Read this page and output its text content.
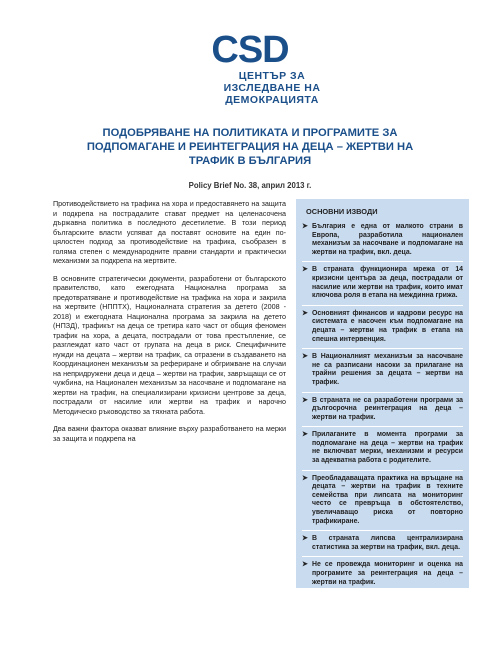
CSD
ЦЕНТЪР ЗА
ИЗСЛЕДВАНЕ НА
ДЕМОКРАЦИЯТА
ПОДОБРЯВАНЕ НА ПОЛИТИКАТА И ПРОГРАМИТЕ ЗА ПОДПОМАГАНЕ И РЕИНТЕГРАЦИЯ НА ДЕЦА – ЖЕРТВИ НА ТРАФИК В БЪЛГАРИЯ
Policy Brief No. 38, април 2013 г.

Противодействието на трафика на хора и предоставянето на защита и подкрепа на пострадалите стават предмет на целенасочена държавна политика в последното десетилетие. В този период българските власти успяват да поставят основите на един по-цялостен подход за противодействие на трафика, съобразен в голяма степен с международните правни стандарти и практически механизми за подкрепа на жертвите.

В основните стратегически документи, разработени от българското правителство, като ежегодната Национална програма за предотвратяване и противодействие на трафика на хора и закрила на жертвите (НППТХ), Националната стратегия за детето (2008 - 2018) и ежегодната Национална програма за закрила на детето (НПЗД), трафикът на деца се третира като част от общия феномен трафик на хора, а децата, пострадали от това престъпление, се разглеждат като част от групата на деца в риск. Специфичните нужди на децата – жертви на трафик, са отразени в създаването на Координационен механизъм за рефериране и обгрижване на случаи на непридружени деца и деца – жертви на трафик, завръщащи се от чужбина, на Национален механизъм за насочване и подпомагане на жертви на трафик, на специализирани кризисни центрове за деца, пострадали от насилие или жертви на трафик и нарочно Методическо ръководство за тяхната работа.

Два важни фактора оказват влияние върху разработването на мерки за защита и подкрепа на

ОСНОВНИ ИЗВОДИ
➤ България е една от малкото страни в Европа, разработила национален механизъм за насочване и подпомагане на жертви на трафик, вкл. деца.
➤ В страната функционира мрежа от 14 кризисни центъра за деца, пострадали от насилие или жертви на трафик, които имат ключова роля в етапа на междинна грижа.
➤ Основният финансов и кадрови ресурс на системата е насочен към подпомагане на децата – жертви на трафик в етапа на спешна интервенция.
➤ В Националният механизъм за насочване не са разписани насоки за прилагане на трайни решения за децата – жертви на трафик.
➤ В страната не са разработени програми за дългосрочна реинтеграция на деца – жертви на трафик.
➤ Прилаганите в момента програми за подпомагане на деца – жертви на трафик не включват мерки, механизми и ресурси за адекватна работа с родителите.
➤ Преобладаващата практика на връщане на децата – жертви на трафик в техните семейства при липсата на мониторинг често се превръща в обстоятелство, увеличаващо риска от повторно трафикиране.
➤ В страната липсва централизирана статистика за жертви на трафик, вкл. деца.
➤ Не се провежда мониторинг и оценка на програмите за реинтеграция на деца – жертви на трафик.
